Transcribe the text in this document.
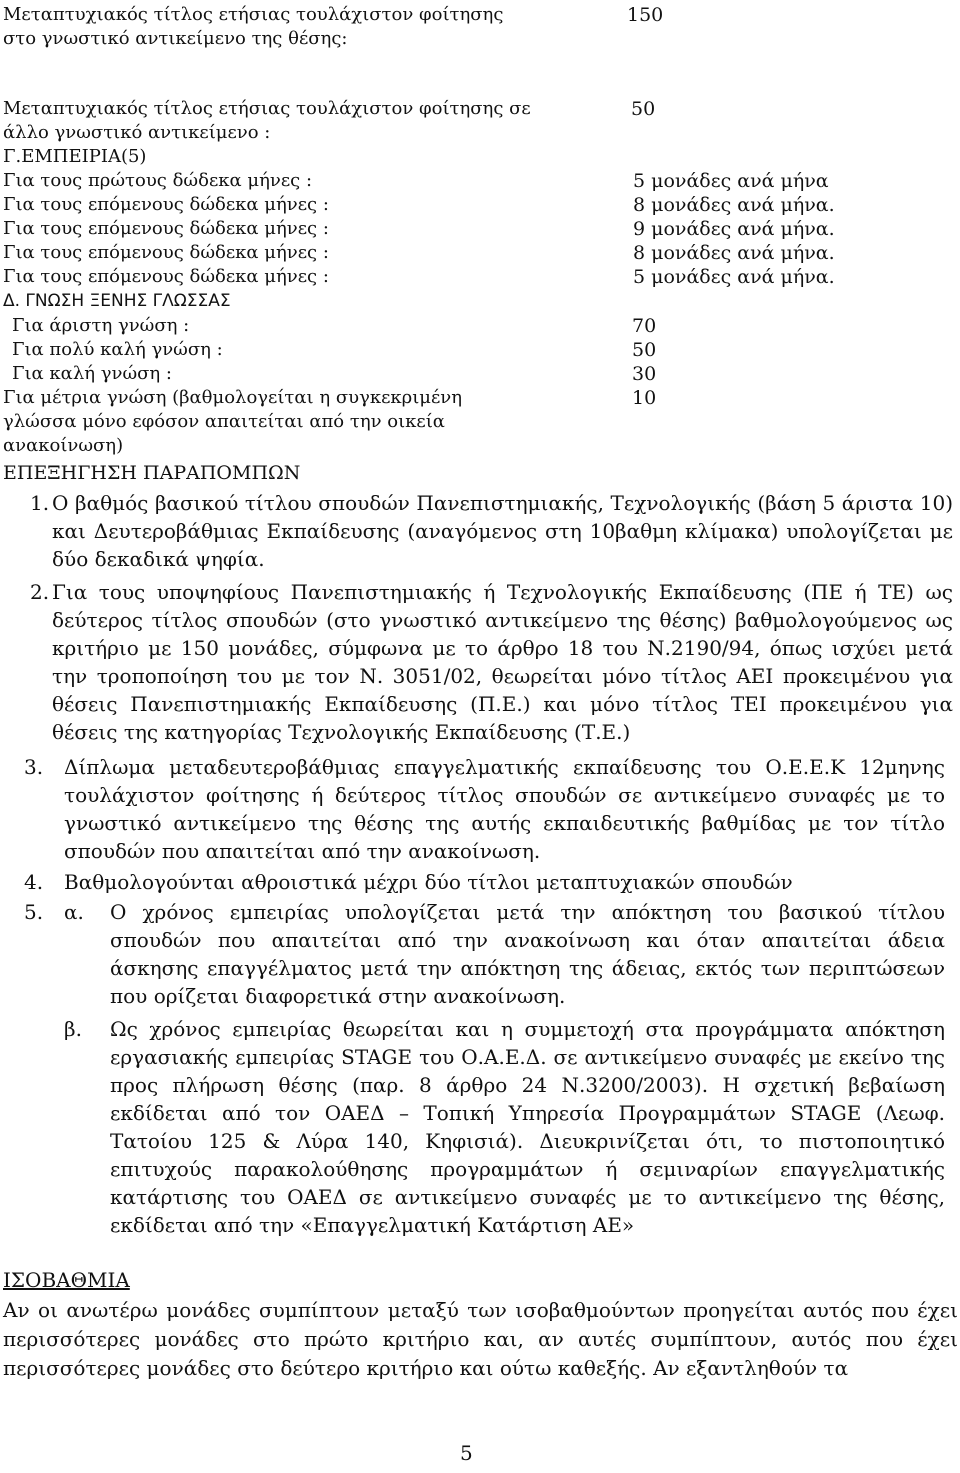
Μεταπτυχιακός τίτλος ετήσιας τουλάχιστον φοίτησης στο γνωστικό αντικείμενο της θέσης:
150
Μεταπτυχιακός τίτλος ετήσιας τουλάχιστον φοίτησης σε άλλο γνωστικό αντικείμενο :
50
Γ.ΕΜΠΕΙΡΙΑ(5)
Για τους πρώτους δώδεκα μήνες :	5 μονάδες ανά μήνα
Για τους επόμενους δώδεκα μήνες :	8 μονάδες ανά μήνα.
Για τους επόμενους δώδεκα μήνες :	9 μονάδες ανά μήνα.
Για τους επόμενους δώδεκα μήνες :	8 μονάδες ανά μήνα.
Για τους επόμενους δώδεκα μήνες :	5 μονάδες ανά μήνα.
Δ. ΓΝΩΣΗ ΞΕΝΗΣ ΓΛΩΣΣΑΣ
Για άριστη γνώση :	70
Για πολύ καλή γνώση :	50
Για καλή γνώση :	30
Για μέτρια γνώση (βαθμολογείται η συγκεκριμένη γλώσσα μόνο εφόσον απαιτείται από την οικεία ανακοίνωση)
10
ΕΠΕΞΗΓΗΣΗ ΠΑΡΑΠΟΜΠΩΝ
1. Ο βαθμός βασικού τίτλου σπουδών Πανεπιστημιακής, Τεχνολογικής (βάση 5 άριστα 10) και Δευτεροβάθμιας Εκπαίδευσης (αναγόμενος στη 10βαθμη κλίμακα) υπολογίζεται με δύο δεκαδικά ψηφία.
2. Για τους υποψηφίους Πανεπιστημιακής ή Τεχνολογικής Εκπαίδευσης (ΠΕ ή ΤΕ) ως δεύτερος τίτλος σπουδών (στο γνωστικό αντικείμενο της θέσης) βαθμολογούμενος ως κριτήριο με 150 μονάδες, σύμφωνα με το άρθρο 18 του Ν.2190/94, όπως ισχύει μετά την τροποποίηση του με τον Ν. 3051/02, θεωρείται μόνο τίτλος ΑΕΙ προκειμένου για θέσεις Πανεπιστημιακής Εκπαίδευσης (Π.Ε.) και μόνο τίτλος ΤΕΙ προκειμένου για θέσεις της κατηγορίας Τεχνολογικής Εκπαίδευσης (Τ.Ε.)
3. Δίπλωμα μεταδευτεροβάθμιας επαγγελματικής εκπαίδευσης του Ο.Ε.Ε.Κ 12μηνης τουλάχιστον φοίτησης ή δεύτερος τίτλος σπουδών σε αντικείμενο συναφές με το γνωστικό αντικείμενο της θέσης της αυτής εκπαιδευτικής βαθμίδας με τον τίτλο σπουδών που απαιτείται από την ανακοίνωση.
4. Βαθμολογούνται αθροιστικά μέχρι δύο τίτλοι μεταπτυχιακών σπουδών
5. α. Ο χρόνος εμπειρίας υπολογίζεται μετά την απόκτηση του βασικού τίτλου σπουδών που απαιτείται από την ανακοίνωση και όταν απαιτείται άδεια άσκησης επαγγέλματος μετά την απόκτηση της άδειας, εκτός των περιπτώσεων που ορίζεται διαφορετικά στην ανακοίνωση.
β. Ως χρόνος εμπειρίας θεωρείται και η συμμετοχή στα προγράμματα απόκτηση εργασιακής εμπειρίας STAGE του Ο.Α.Ε.Δ. σε αντικείμενο συναφές με εκείνο της προς πλήρωση θέσης (παρ. 8 άρθρο 24 Ν.3200/2003). Η σχετική βεβαίωση εκδίδεται από τον ΟΑΕΔ – Τοπική Υπηρεσία Προγραμμάτων STAGE (Λεωφ. Τατοίου 125 & Λύρα 140, Κηφισιά). Διευκρινίζεται ότι, το πιστοποιητικό επιτυχούς παρακολούθησης προγραμμάτων ή σεμιναρίων επαγγελματικής κατάρτισης του ΟΑΕΔ σε αντικείμενο συναφές με το αντικείμενο της θέσης, εκδίδεται από την «Επαγγελματική Κατάρτιση ΑΕ»
ΙΣΟΒΑΘΜΙΑ
Αν οι ανωτέρω μονάδες συμπίπτουν μεταξύ των ισοβαθμούντων προηγείται αυτός που έχει περισσότερες μονάδες στο πρώτο κριτήριο και, αν αυτές συμπίπτουν, αυτός που έχει περισσότερες μονάδες στο δεύτερο κριτήριο και ούτω καθεξής. Αν εξαντληθούν τα
5
